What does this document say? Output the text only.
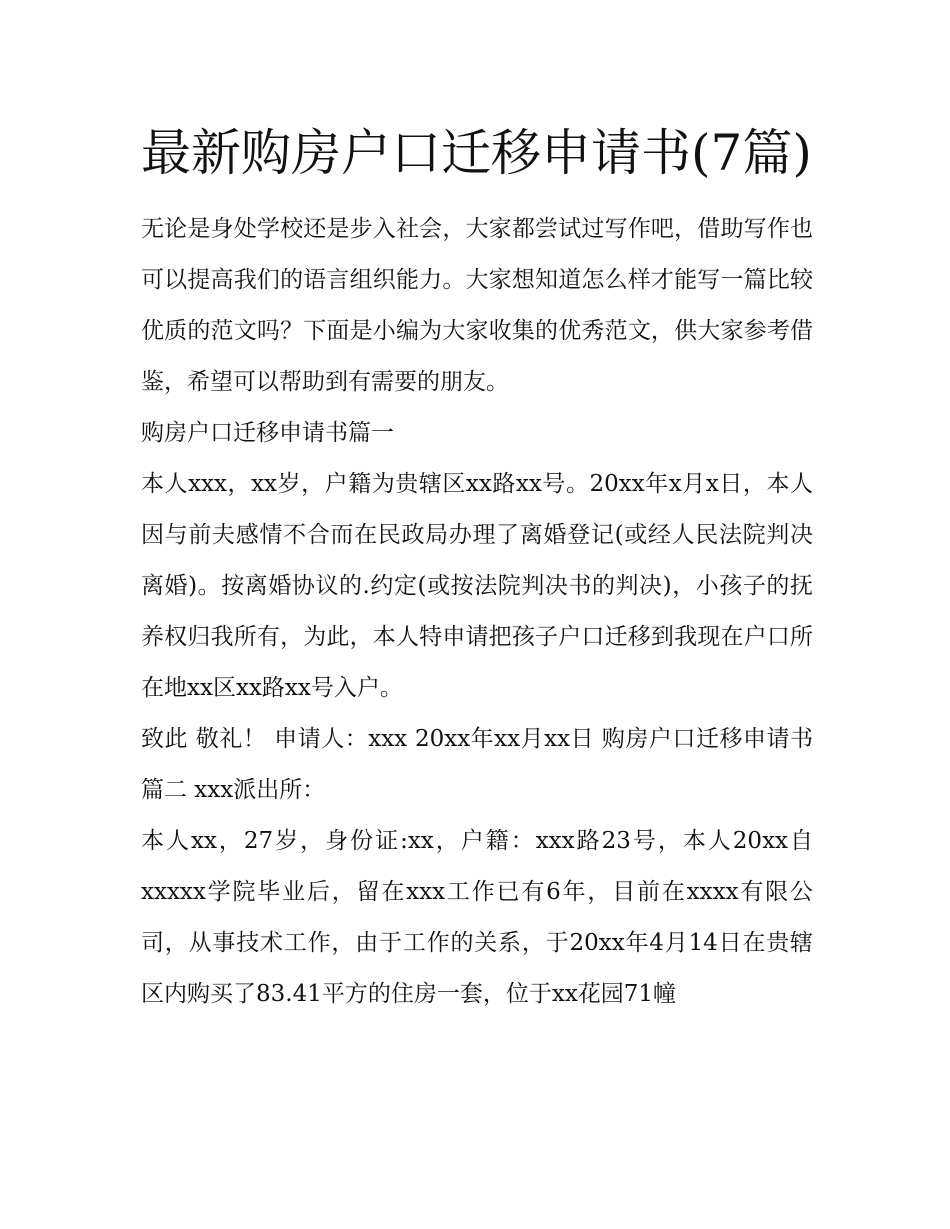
最新购房户口迁移申请书(7篇)

无论是身处学校还是步入社会，大家都尝试过写作吧，借助写作也可以提高我们的语言组织能力。大家想知道怎么样才能写一篇比较优质的范文吗？下面是小编为大家收集的优秀范文，供大家参考借鉴，希望可以帮助到有需要的朋友。

购房户口迁移申请书篇一

本人xxx，xx岁，户籍为贵辖区xx路xx号。20xx年x月x日，本人因与前夫感情不合而在民政局办理了离婚登记(或经人民法院判决离婚)。按离婚协议的.约定(或按法院判决书的判决)，小孩子的抚养权归我所有，为此，本人特申请把孩子户口迁移到我现在户口所在地xx区xx路xx号入户。

致此 敬礼！ 申请人：xxx 20xx年xx月xx日 购房户口迁移申请书篇二 xxx派出所：

本人xx，27岁，身份证:xx，户籍：xxx路23号，本人20xx自xxxxx学院毕业后，留在xxx工作已有6年，目前在xxxx有限公司，从事技术工作，由于工作的关系，于20xx年4月14日在贵辖区内购买了83.41平方的住房一套，位于xx花园71幢
